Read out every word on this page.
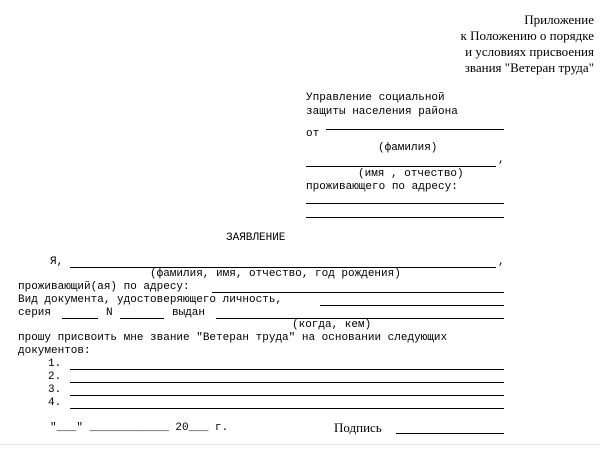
Приложение
к Положению о порядке
и условиях присвоения
звания "Ветеран труда"
Управление социальной
защиты населения района
от
(фамилия)
,
(имя , отчество)
проживающего по адресу:
ЗАЯВЛЕНИЕ
Я,	,
(фамилия, имя, отчество, год рождения)
проживающий(ая) по адресу:
Вид документа, удостоверяющего личность,
серия	N	выдан
(когда, кем)
прошу присвоить мне звание "Ветеран труда" на основании следующих
документов:
1.
2.
3.
4.
"___" ____________ 20___ г.	Подпись
